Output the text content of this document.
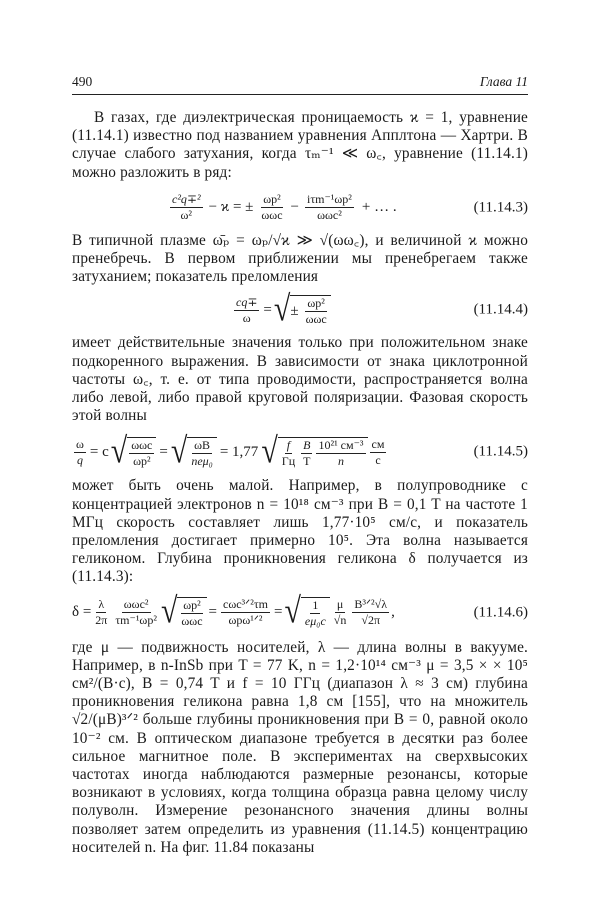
490	Глава 11

В газах, где диэлектрическая проницаемость ϰ = 1, уравнение (11.14.1) известно под названием уравнения Апплтона — Хартри. В случае слабого затухания, когда τₘ⁻¹ ≪ ω꜀, уравнение (11.14.1) можно разложить в ряд:

$\frac{\text{c²q∓²}}{\text{ω²}} - ϰ$ = ± $\frac{\text{ωp²}}{\text{ωωc}} - \frac{\text{iτm⁻¹ωp²}}{\text{ωωc²}}$ + … .	(11.14.3)

В типичной плазме ω̄ₚ = ωₚ/√ϰ ≫ √(ωω꜀), и величиной ϰ можно пренебречь. В первом приближении мы пренебрегаем также затуханием; показатель преломления

$\frac{cq\mp}{\omega}$ = √ ± $\frac{\text{ωp²}}{\text{ωωc}}$	(11.14.4)

имеет действительные значения только при положительном знаке подкоренного выражения. В зависимости от знака циклотронной частоты ω꜀, т. е. от типа проводимости, распространяется волна либо левой, либо правой круговой поляризации. Фазовая скорость этой волны

$\frac{\omega}{q} = c$ √ $\frac{\text{ωωc}}{\text{ωp²}}$ = √ $\frac{\omega B}{\text{neμ₀}} = 1,77$ √ $\frac{f}{Гц} \frac{B}{T} \frac{\text{10²¹ см⁻³}}{n} \frac{см}{с}$	(11.14.5)

может быть очень малой. Например, в полупроводнике с концентрацией электронов n = 10¹⁸ см⁻³ при B = 0,1 T на частоте 1 МГц скорость составляет лишь 1,77·10⁵ см/с, и показатель преломления достигает примерно 10⁵. Эта волна называется геликоном. Глубина проникновения геликона δ получается из (11.14.3):

$\delta = \frac{\lambda}{2\pi} \frac{\text{ωωc²}}{\text{τm⁻¹ωp²}}$ √ $\frac{\text{ωp²}}{\text{ωωc}} = \frac{\text{cωc³ᐟ²τm}}{\text{ωpω¹ᐟ²}}$ = √ $\frac{1}{\text{eμ₀c}} \frac{\mu}{√n} \frac{\text{B³ᐟ²√λ}}{√2\pi}$ ,	(11.14.6)

где μ — подвижность носителей, λ — длина волны в вакууме. Например, в n-InSb при T = 77 K, n = 1,2·10¹⁴ см⁻³ μ = 3,5 × × 10⁵ см²/(В·с), B = 0,74 T и f = 10 ГГц (диапазон λ ≈ 3 см) глубина проникновения геликона равна 1,8 см [155], что на множитель √2/(μB)³ᐟ² больше глубины проникновения при B = 0, равной около 10⁻² см. В оптическом диапазоне требуется в десятки раз более сильное магнитное поле. В экспериментах на сверхвысоких частотах иногда наблюдаются размерные резонансы, которые возникают в условиях, когда толщина образца равна целому числу полуволн. Измерение резонансного значения длины волны позволяет затем определить из уравнения (11.14.5) концентрацию носителей n. На фиг. 11.84 показаны
